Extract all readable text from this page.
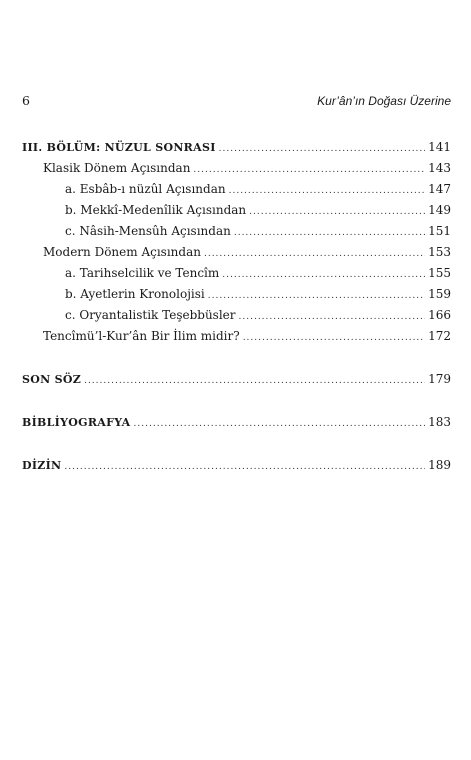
6	Kur’ân’ın Doğası Üzerine
III. BÖLÜM: NÜZUL SONRASI .....	141
Klasik Dönem Açısından .....	143
a. Esbâb-ı nüzûl Açısından .....	147
b. Mekkî-Medenîlik Açısından .....	149
c. Nâsih-Mensûh Açısından .....	151
Modern Dönem Açısından .....	153
a. Tarihselcilik ve Tencîm .....	155
b. Ayetlerin Kronolojisi .....	159
c. Oryantalistik Teşebbüsler .....	166
Tencîmü’l-Kur’ân Bir İlim midir? .....	172
SON SÖZ .....	179
BİBLİYOGRAFYA .....	183
DİZİN .....	189
